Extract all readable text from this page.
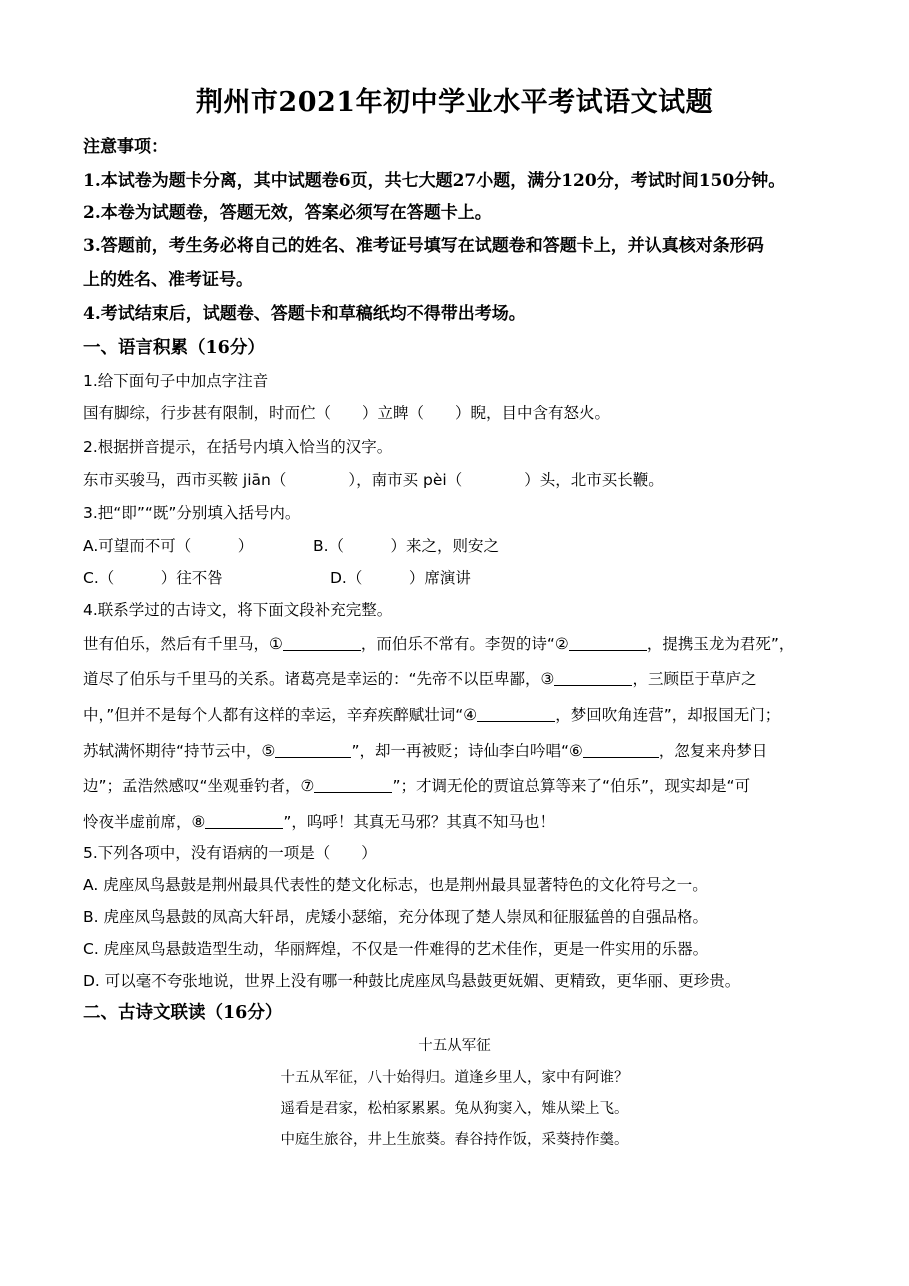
荆州市2021年初中学业水平考试语文试题
注意事项：
1.本试卷为题卡分离，其中试题卷6页，共七大题27小题，满分120分，考试时间150分钟。
2.本卷为试题卷，答题无效，答案必须写在答题卡上。
3.答题前，考生务必将自己的姓名、准考证号填写在试题卷和答题卡上，并认真核对条形码
上的姓名、准考证号。
4.考试结束后，试题卷、答题卡和草稿纸均不得带出考场。
一、语言积累（16分）
1.给下面句子中加点字注音
国有脚综，行步甚有限制，时而伫（　　）立睥（　　）睨，目中含有怒火。
2.根据拼音提示，在括号内填入恰当的汉字。
东市买骏马，西市买鞍 jiān（　　　　），南市买 pèi（　　　　）头，北市买长鞭。
3.把“即”“既”分别填入括号内。
A.可望而不可（　　　）	B.（　　　）来之，则安之
C.（　　　）往不咎	D.（　　　）席演讲
4.联系学过的古诗文，将下面文段补充完整。
世有伯乐，然后有千里马，①	，而伯乐不常有。李贺的诗“②	，提携玉龙为君死”，
道尽了伯乐与千里马的关系。诸葛亮是幸运的：“先帝不以臣卑鄙，③	，三顾臣于草庐之
中，”但并不是每个人都有这样的幸运，辛弃疾醉赋壮词“④	，梦回吹角连营”，却报国无门；
苏轼满怀期待“持节云中，⑤	”，却一再被贬；诗仙李白吟唱“⑥	，忽复来舟梦日
边”；孟浩然感叹“坐观垂钓者，⑦	”；才调无伦的贾谊总算等来了“伯乐”，现实却是“可
怜夜半虚前席，⑧	”，呜呼！其真无马邪？其真不知马也！
5.下列各项中，没有语病的一项是（　　）
A. 虎座凤鸟悬鼓是荆州最具代表性的楚文化标志，也是荆州最具显著特色的文化符号之一。
B. 虎座凤鸟悬鼓的凤高大轩昂，虎矮小瑟缩，充分体现了楚人崇凤和征服猛兽的自强品格。
C. 虎座凤鸟悬鼓造型生动，华丽辉煌，不仅是一件难得的艺术佳作，更是一件实用的乐器。
D. 可以毫不夸张地说，世界上没有哪一种鼓比虎座凤鸟悬鼓更妩媚、更精致，更华丽、更珍贵。
二、古诗文联读（16分）
十五从军征
十五从军征，八十始得归。道逢乡里人，家中有阿谁？
遥看是君家，松柏冢累累。兔从狗窦入，雉从梁上飞。
中庭生旅谷，井上生旅葵。舂谷持作饭，采葵持作羹。
